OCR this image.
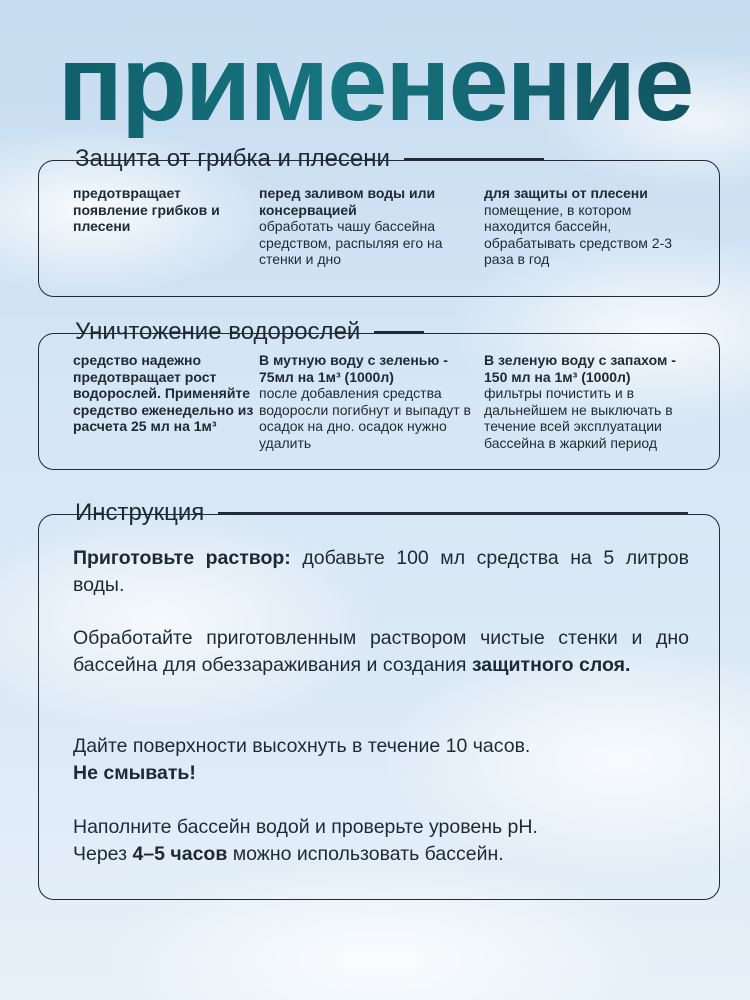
применение
Защита от грибка и плесени
предотвращает появление грибков и плесени
перед заливом воды или консервацией
обработать чашу бассейна средством, распыляя его на стенки и дно
для защиты от плесени
помещение, в котором находится бассейн, обрабатывать средством 2-3 раза в год
Уничтожение водорослей
средство надежно предотвращает рост водорослей. Применяйте средство еженедельно из расчета 25 мл на 1м³
В мутную воду с зеленью - 75мл на 1м³ (1000л)
после добавления средства водоросли погибнут и выпадут в осадок на дно. осадок нужно удалить
В зеленую воду с запахом - 150 мл на 1м³ (1000л)
фильтры почистить и в дальнейшем не выключать в течение всей эксплуатации бассейна в жаркий период
Инструкция

Приготовьте раствор: добавьте 100 мл средства на 5 литров воды.

Обработайте приготовленным раствором чистые стенки и дно бассейна для обеззараживания и создания защитного слоя.

Дайте поверхности высохнуть в течение 10 часов.

Не смывать!

Наполните бассейн водой и проверьте уровень pH.

Через 4–5 часов можно использовать бассейн.
